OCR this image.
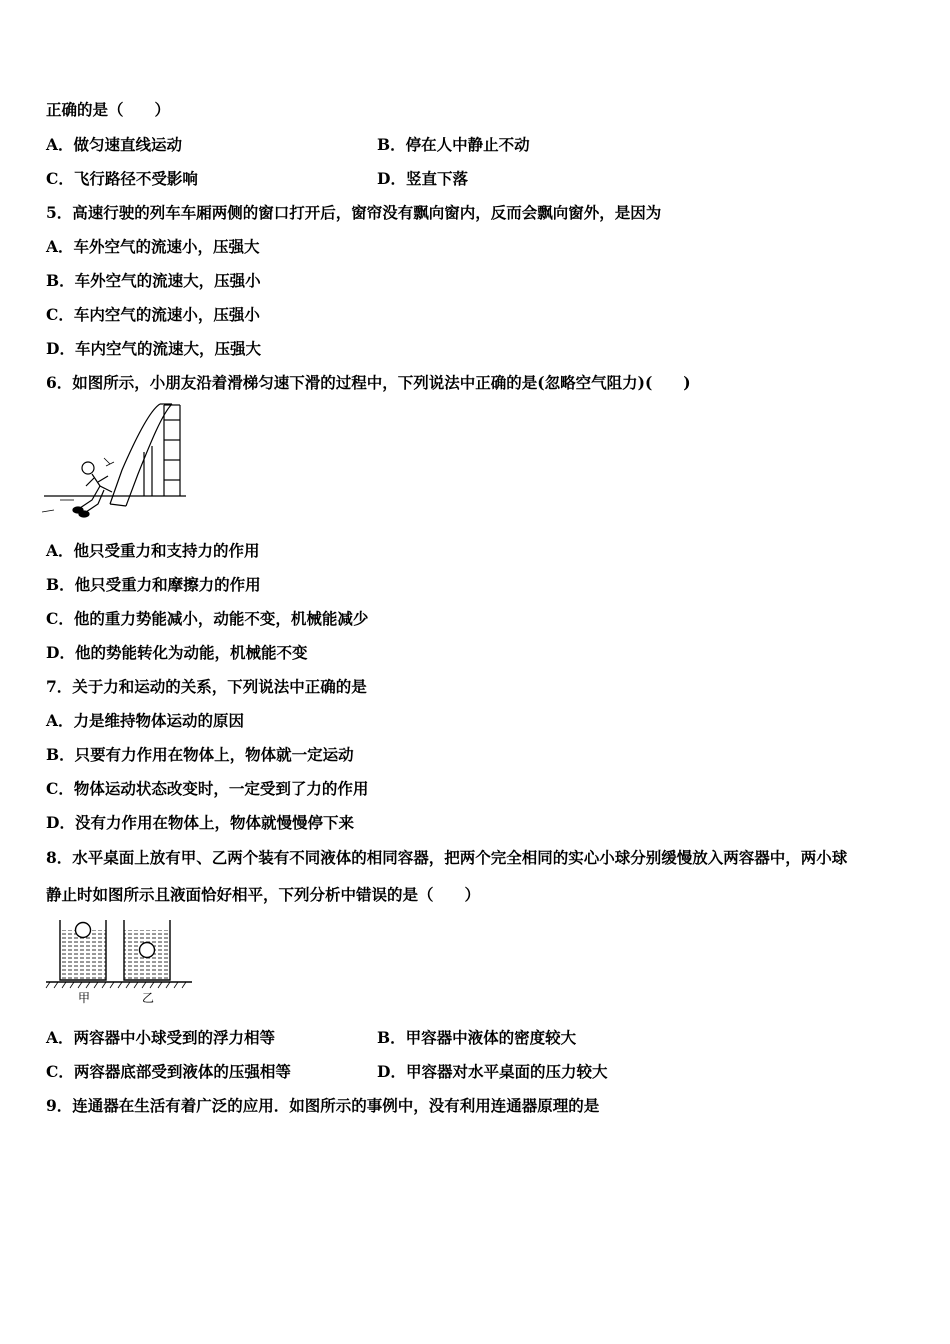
正确的是（　　）
A．做匀速直线运动	B．停在人中静止不动
C．飞行路径不受影响	D．竖直下落
5．高速行驶的列车车厢两侧的窗口打开后，窗帘没有飘向窗内，反而会飘向窗外，是因为
A．车外空气的流速小，压强大
B．车外空气的流速大，压强小
C．车内空气的流速小，压强小
D．车内空气的流速大，压强大
6．如图所示，小朋友沿着滑梯匀速下滑的过程中，下列说法中正确的是(忽略空气阻力)(　　)
A．他只受重力和支持力的作用
B．他只受重力和摩擦力的作用
C．他的重力势能减小，动能不变，机械能减少
D．他的势能转化为动能，机械能不变
7．关于力和运动的关系，下列说法中正确的是
A．力是维持物体运动的原因
B．只要有力作用在物体上，物体就一定运动
C．物体运动状态改变时，一定受到了力的作用
D．没有力作用在物体上，物体就慢慢停下来
8．水平桌面上放有甲、乙两个装有不同液体的相同容器，把两个完全相同的实心小球分别缓慢放入两容器中，两小球
静止时如图所示且液面恰好相平，下列分析中错误的是（　　）
甲	乙
A．两容器中小球受到的浮力相等	B．甲容器中液体的密度较大
C．两容器底部受到液体的压强相等	D．甲容器对水平桌面的压力较大
9．连通器在生活有着广泛的应用．如图所示的事例中，没有利用连通器原理的是
